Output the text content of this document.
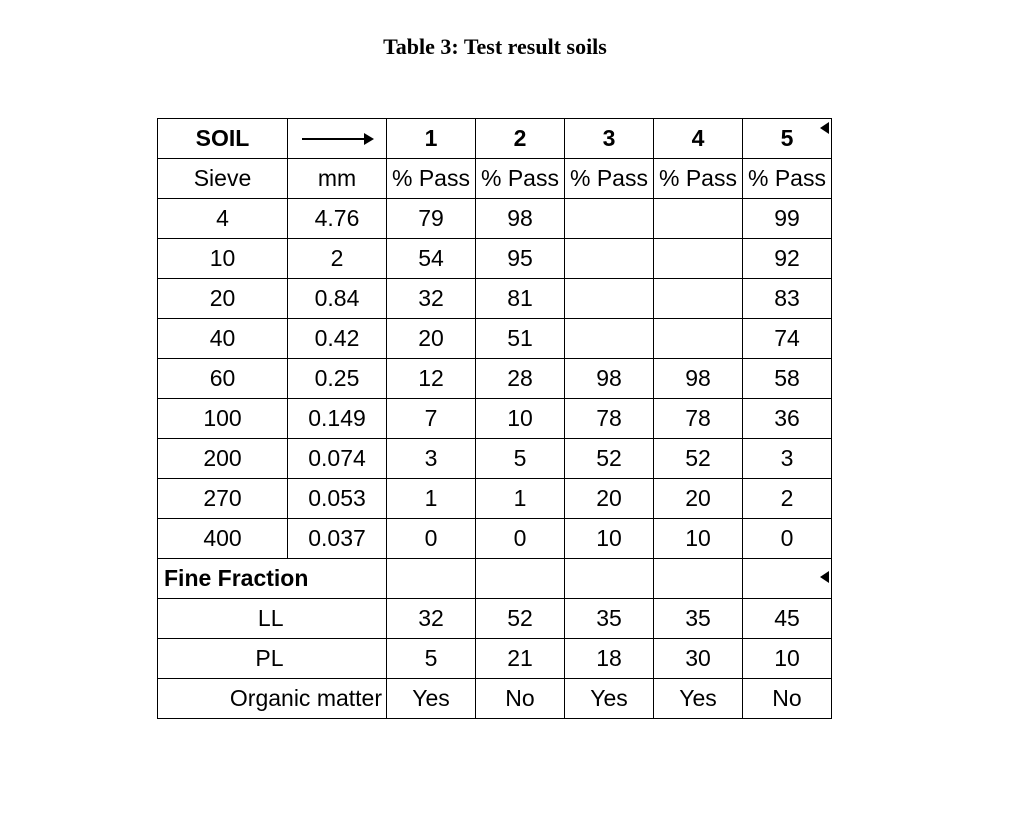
Table 3: Test result soils
SOIL		1	2	3	4	5
Sieve	mm	% Pass	% Pass	% Pass	% Pass	% Pass
4	4.76	79	98			99
10	2	54	95			92
20	0.84	32	81			83
40	0.42	20	51			74
60	0.25	12	28	98	98	58
100	0.149	7	10	78	78	36
200	0.074	3	5	52	52	3
270	0.053	1	1	20	20	2
400	0.037	0	0	10	10	0
Fine Fraction						
LL		32	52	35	35	45
PL		5	21	18	30	10
Organic matter		Yes	No	Yes	Yes	No
